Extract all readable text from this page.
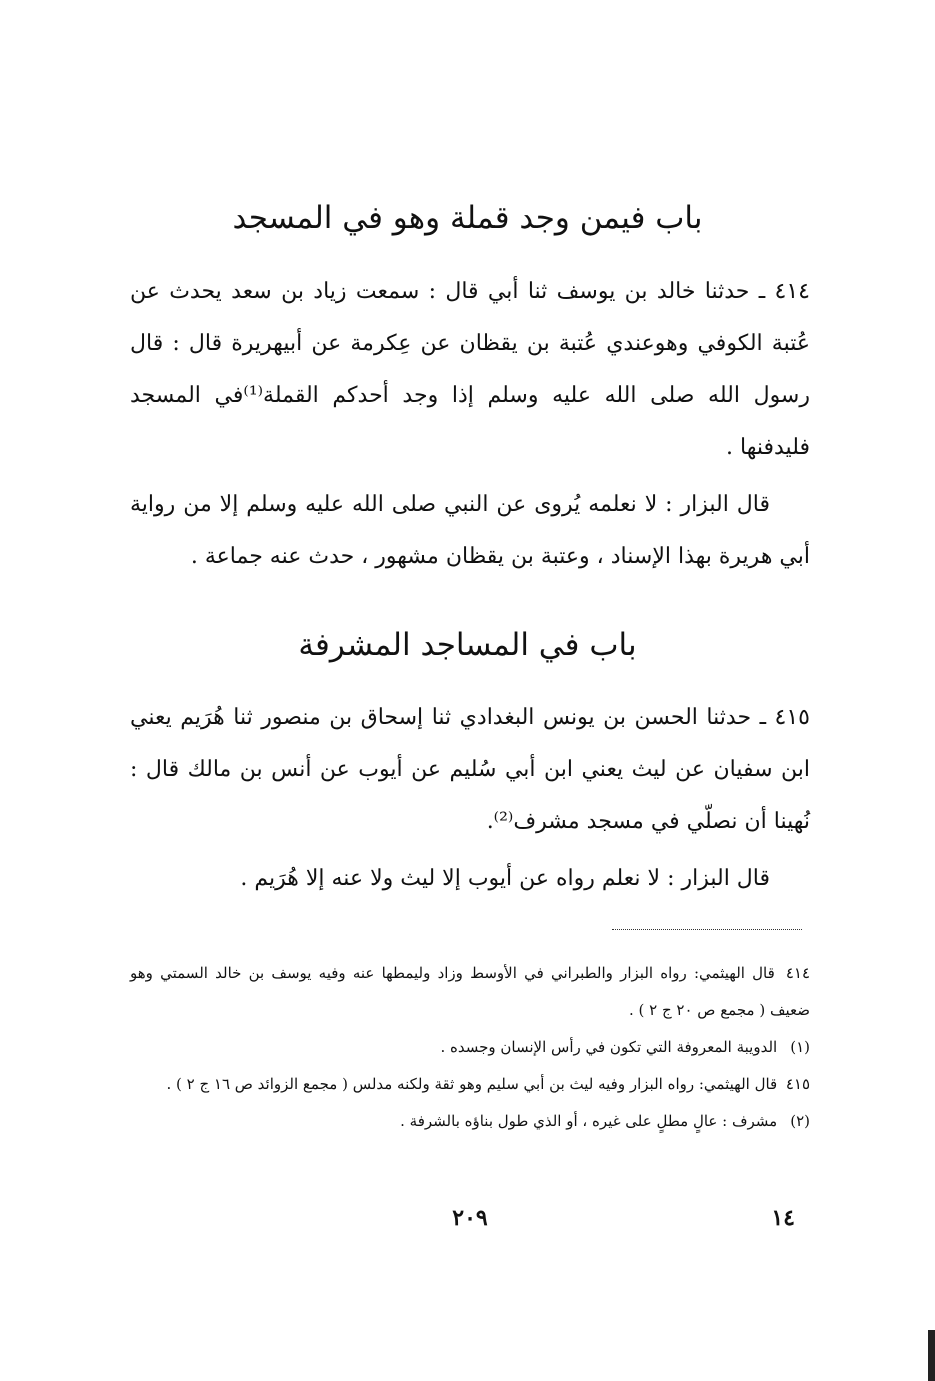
باب فيمن وجد قملة وهو في المسجد
٤١٤ ـ حدثنا خالد بن يوسف ثنا أبي قال : سمعت زياد بن سعد يحدث عن عُتبة الكوفي وهوعندي عُتبة بن يقظان عن عِكرمة عن أبيهريرة قال : قال رسول الله صلى الله عليه وسلم إذا وجد أحدكم القملة⁽¹⁾في المسجد فليدفنها .
قال البزار : لا نعلمه يُروى عن النبي صلى الله عليه وسلم إلا من رواية أبي هريرة بهذا الإسناد ، وعتبة بن يقظان مشهور ، حدث عنه جماعة .
باب في المساجد المشرفة
٤١٥ ـ حدثنا الحسن بن يونس البغدادي ثنا إسحاق بن منصور ثنا هُرَيم يعني ابن سفيان عن ليث يعني ابن أبي سُليم عن أيوب عن أنس بن مالك قال : نُهينا أن نصلّي في مسجد مشرف⁽²⁾.
قال البزار : لا نعلم رواه عن أيوب إلا ليث ولا عنه إلا هُرَيم .
٤١٤ قال الهيثمي: رواه البزار والطبراني في الأوسط وزاد وليمطها عنه وفيه يوسف بن خالد السمتي وهو ضعيف ( مجمع ص ٢٠ ج ٢ ) .
(١) الدويبة المعروفة التي تكون في رأس الإنسان وجسده .
٤١٥ قال الهيثمي: رواه البزار وفيه ليث بن أبي سليم وهو ثقة ولكنه مدلس ( مجمع الزوائد ص ١٦ ج ٢ ) .
(٢) مشرف : عالٍ مطلٍ على غيره ، أو الذي طول بناؤه بالشرفة .
١٤
٢٠٩
